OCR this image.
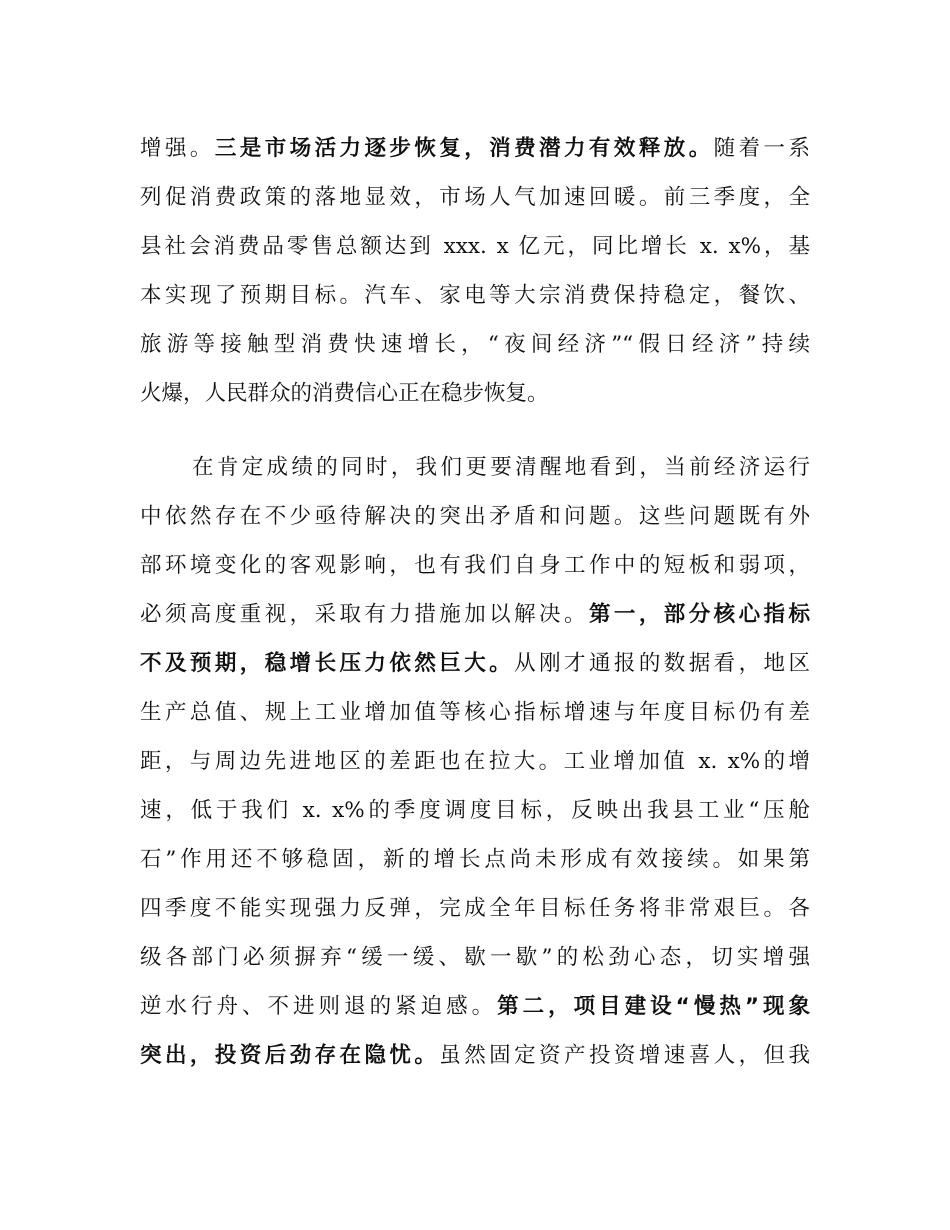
增强。三是市场活力逐步恢复，消费潜力有效释放。随着一系
列促消费政策的落地显效，市场人气加速回暖。前三季度，全
县社会消费品零售总额达到 xxx. x 亿元，同比增长 x. x%，基
本实现了预期目标。汽车、家电等大宗消费保持稳定，餐饮、
旅游等接触型消费快速增长，“夜间经济”“假日经济”持续
火爆，人民群众的消费信心正在稳步恢复。
在肯定成绩的同时，我们更要清醒地看到，当前经济运行
中依然存在不少亟待解决的突出矛盾和问题。这些问题既有外
部环境变化的客观影响，也有我们自身工作中的短板和弱项，
必须高度重视，采取有力措施加以解决。第一，部分核心指标
不及预期，稳增长压力依然巨大。从刚才通报的数据看，地区
生产总值、规上工业增加值等核心指标增速与年度目标仍有差
距，与周边先进地区的差距也在拉大。工业增加值 x. x%的增
速，低于我们 x. x%的季度调度目标，反映出我县工业“压舱
石”作用还不够稳固，新的增长点尚未形成有效接续。如果第
四季度不能实现强力反弹，完成全年目标任务将非常艰巨。各
级各部门必须摒弃“缓一缓、歇一歇”的松劲心态，切实增强
逆水行舟、不进则退的紧迫感。第二，项目建设“慢热”现象
突出，投资后劲存在隐忧。虽然固定资产投资增速喜人，但我
